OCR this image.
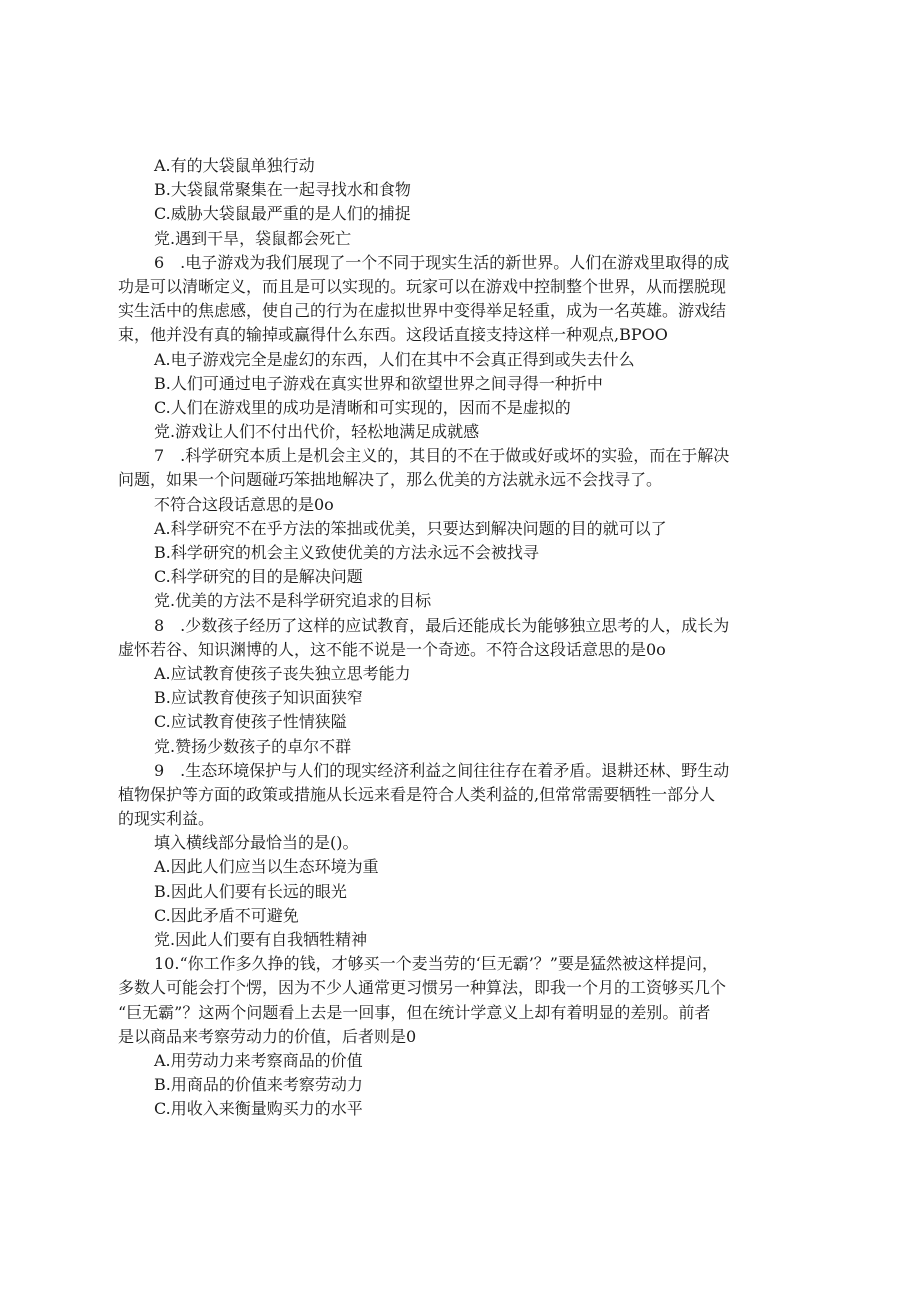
A.有的大袋鼠单独行动
B.大袋鼠常聚集在一起寻找水和食物
C.威胁大袋鼠最严重的是人们的捕捉
党.遇到干旱，袋鼠都会死亡
6　.电子游戏为我们展现了一个不同于现实生活的新世界。人们在游戏里取得的成
功是可以清晰定义，而且是可以实现的。玩家可以在游戏中控制整个世界，从而摆脱现
实生活中的焦虑感，使自己的行为在虚拟世界中变得举足轻重，成为一名英雄。游戏结
束，他并没有真的输掉或赢得什么东西。这段话直接支持这样一种观点,BPOO
A.电子游戏完全是虚幻的东西，人们在其中不会真正得到或失去什么
B.人们可通过电子游戏在真实世界和欲望世界之间寻得一种折中
C.人们在游戏里的成功是清晰和可实现的，因而不是虚拟的
党.游戏让人们不付出代价，轻松地满足成就感
7　.科学研究本质上是机会主义的，其目的不在于做或好或坏的实验，而在于解决
问题，如果一个问题碰巧笨拙地解决了，那么优美的方法就永远不会找寻了。
不符合这段话意思的是0o
A.科学研究不在乎方法的笨拙或优美，只要达到解决问题的目的就可以了
B.科学研究的机会主义致使优美的方法永远不会被找寻
C.科学研究的目的是解决问题
党.优美的方法不是科学研究追求的目标
8　.少数孩子经历了这样的应试教育，最后还能成长为能够独立思考的人，成长为
虚怀若谷、知识渊博的人，这不能不说是一个奇迹。不符合这段话意思的是0o
A.应试教育使孩子丧失独立思考能力
B.应试教育使孩子知识面狭窄
C.应试教育使孩子性情狭隘
党.赞扬少数孩子的卓尔不群
9　.生态环境保护与人们的现实经济利益之间往往存在着矛盾。退耕还林、野生动
植物保护等方面的政策或措施从长远来看是符合人类利益的,但常常需要牺牲一部分人
的现实利益。
填入横线部分最恰当的是()。
A.因此人们应当以生态环境为重
B.因此人们要有长远的眼光
C.因此矛盾不可避免
党.因此人们要有自我牺牲精神
10.“你工作多久挣的钱，才够买一个麦当劳的‘巨无霸’？”要是猛然被这样提问，
多数人可能会打个愣，因为不少人通常更习惯另一种算法，即我一个月的工资够买几个
“巨无霸”？这两个问题看上去是一回事，但在统计学意义上却有着明显的差别。前者
是以商品来考察劳动力的价值，后者则是0
A.用劳动力来考察商品的价值
B.用商品的价值来考察劳动力
C.用收入来衡量购买力的水平
